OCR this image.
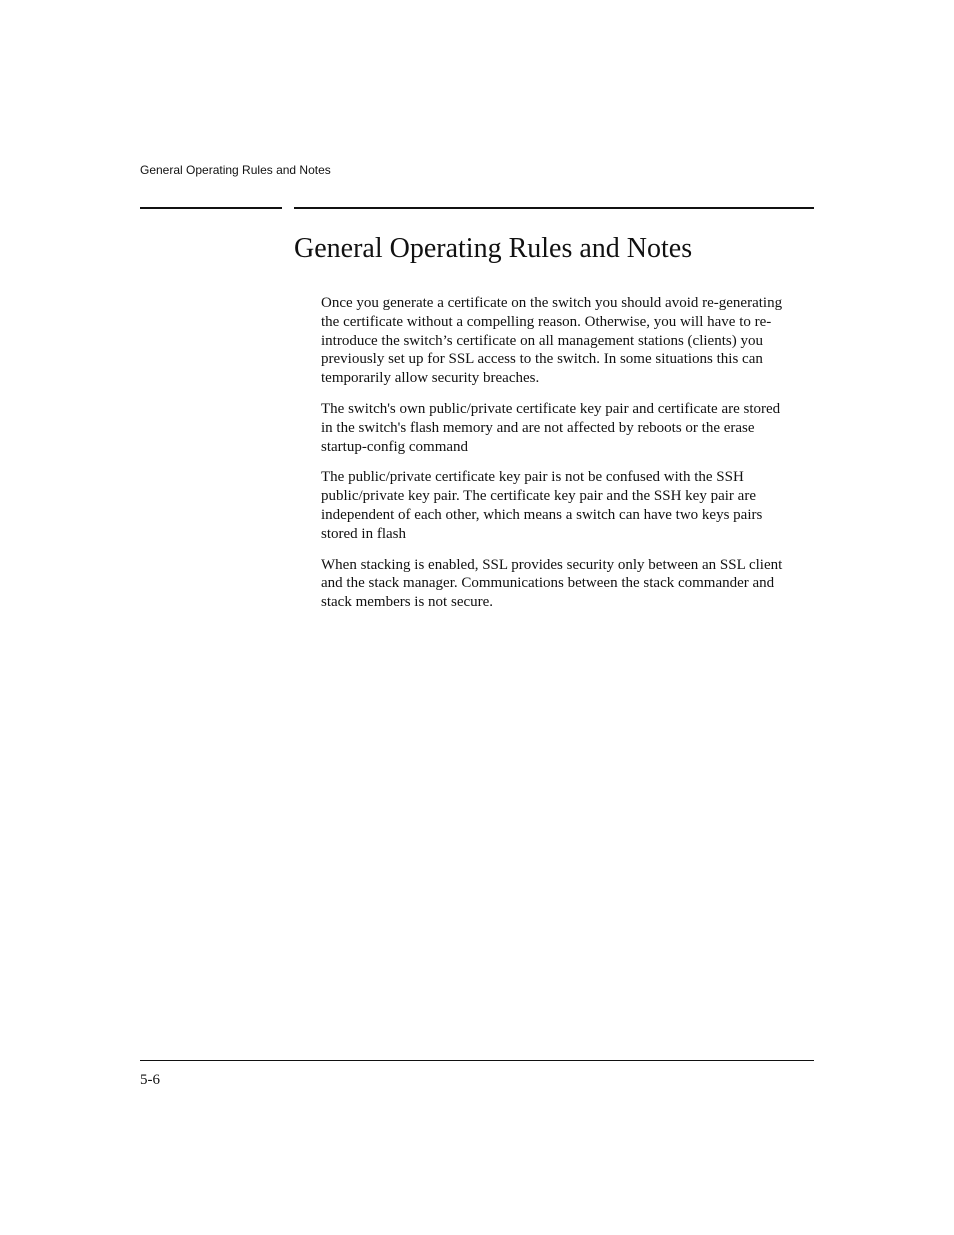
General Operating Rules and Notes
General Operating Rules and Notes

Once you generate a certificate on the switch you should avoid re-generating the certificate without a compelling reason. Otherwise, you will have to re-introduce the switch’s certificate on all management stations (clients) you previously set up for SSL access to the switch. In some situations this can temporarily allow security breaches.

The switch's own public/private certificate key pair and certificate are stored in the switch's flash memory and are not affected by reboots or the erase startup-config command

The public/private certificate key pair is not be confused with the SSH public/private key pair. The certificate key pair and the SSH key pair are independent of each other, which means a switch can have two keys pairs stored in flash

When stacking is enabled, SSL provides security only between an SSL client and the stack manager. Communications between the stack commander and stack members is not secure.

5-6
